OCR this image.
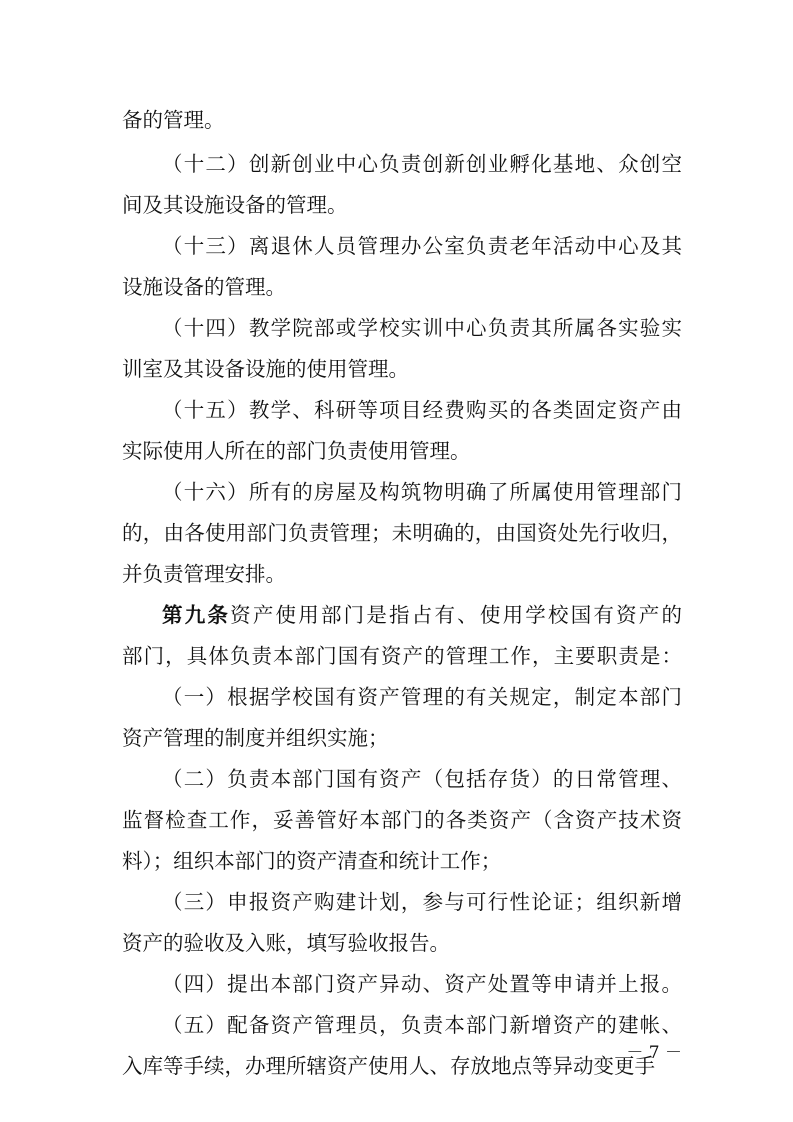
备的管理。
（十二）创新创业中心负责创新创业孵化基地、众创空
间及其设施设备的管理。
（十三）离退休人员管理办公室负责老年活动中心及其
设施设备的管理。
（十四）教学院部或学校实训中心负责其所属各实验实
训室及其设备设施的使用管理。
（十五）教学、科研等项目经费购买的各类固定资产由
实际使用人所在的部门负责使用管理。
（十六）所有的房屋及构筑物明确了所属使用管理部门
的，由各使用部门负责管理；未明确的，由国资处先行收归，
并负责管理安排。
第九条资产使用部门是指占有、使用学校国有资产的
部门，具体负责本部门国有资产的管理工作，主要职责是：
（一）根据学校国有资产管理的有关规定，制定本部门
资产管理的制度并组织实施；
（二）负责本部门国有资产（包括存货）的日常管理、
监督检查工作，妥善管好本部门的各类资产（含资产技术资
料）；组织本部门的资产清查和统计工作；
（三）申报资产购建计划，参与可行性论证；组织新增
资产的验收及入账，填写验收报告。
（四）提出本部门资产异动、资产处置等申请并上报。
（五）配备资产管理员，负责本部门新增资产的建帐、
入库等手续，办理所辖资产使用人、存放地点等异动变更手
－ 7 －
